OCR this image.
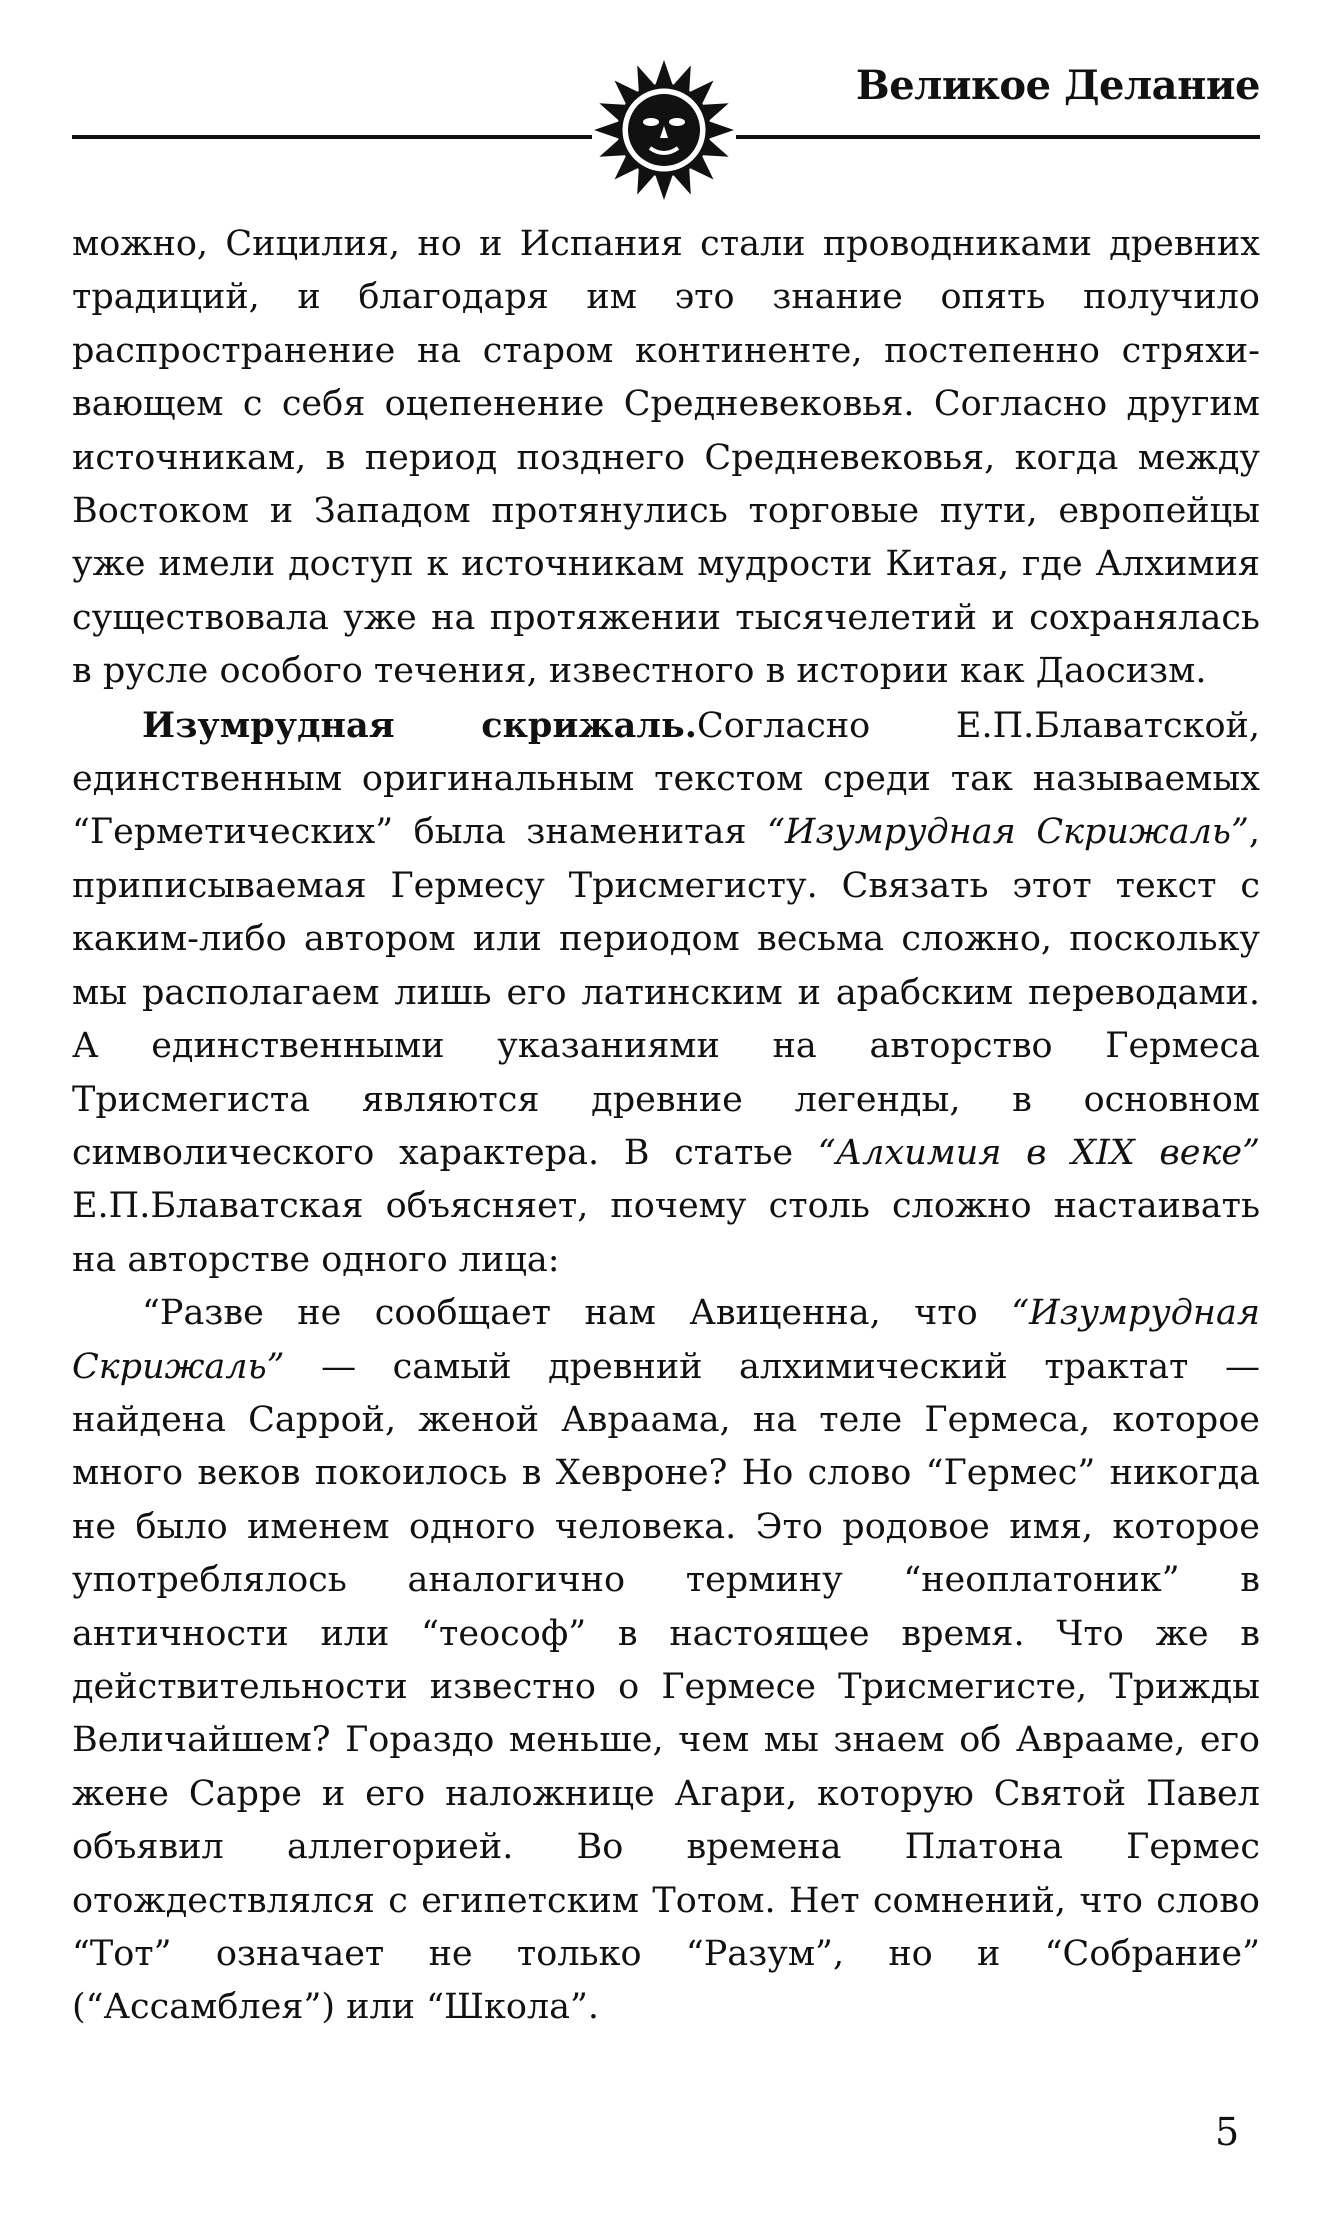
Великое Делание

можно, Сицилия, но и Испания стали проводниками древних традиций, и благодаря им это знание опять получило распространение на старом континенте, постепенно стряхивающем с себя оцепенение Средневековья. Согласно другим источникам, в период позднего Средневековья, когда между Востоком и Западом протянулись торговые пути, европейцы уже имели доступ к источникам мудрости Китая, где Алхимия существовала уже на протяжении тысячелетий и сохранялась в русле особого течения, известного в истории как Даосизм.

Изумрудная скрижаль.Согласно Е.П.Блаватской, единственным оригинальным текстом среди так называемых “Герметических” была знаменитая “Изумрудная Скрижаль”, приписываемая Гермесу Трисмегисту. Связать этот текст с каким-либо автором или периодом весьма сложно, поскольку мы располагаем лишь его латинским и арабским переводами. А единственными указаниями на авторство Гермеса Трисмегиста являются древние легенды, в основном символического характера. В статье “Алхимия в XIX веке” Е.П.Блаватская объясняет, почему столь сложно настаивать на авторстве одного лица:

“Разве не сообщает нам Авиценна, что “Изумрудная Скрижаль” — самый древний алхимический трактат — найдена Саррой, женой Авраама, на теле Гермеса, которое много веков покоилось в Хевроне? Но слово “Гермес” никогда не было именем одного человека. Это родовое имя, которое употреблялось аналогично термину “неоплатоник” в античности или “теософ” в настоящее время. Что же в действительности известно о Гермесе Трисмегисте, Трижды Величайшем? Гораздо меньше, чем мы знаем об Аврааме, его жене Сарре и его наложнице Агари, которую Святой Павел объявил аллегорией. Во времена Платона Гермес отождествлялся с египетским Тотом. Нет сомнений, что слово “Тот” означает не только “Разум”, но и “Собрание” (“Ассамблея”) или “Школа”.

5
